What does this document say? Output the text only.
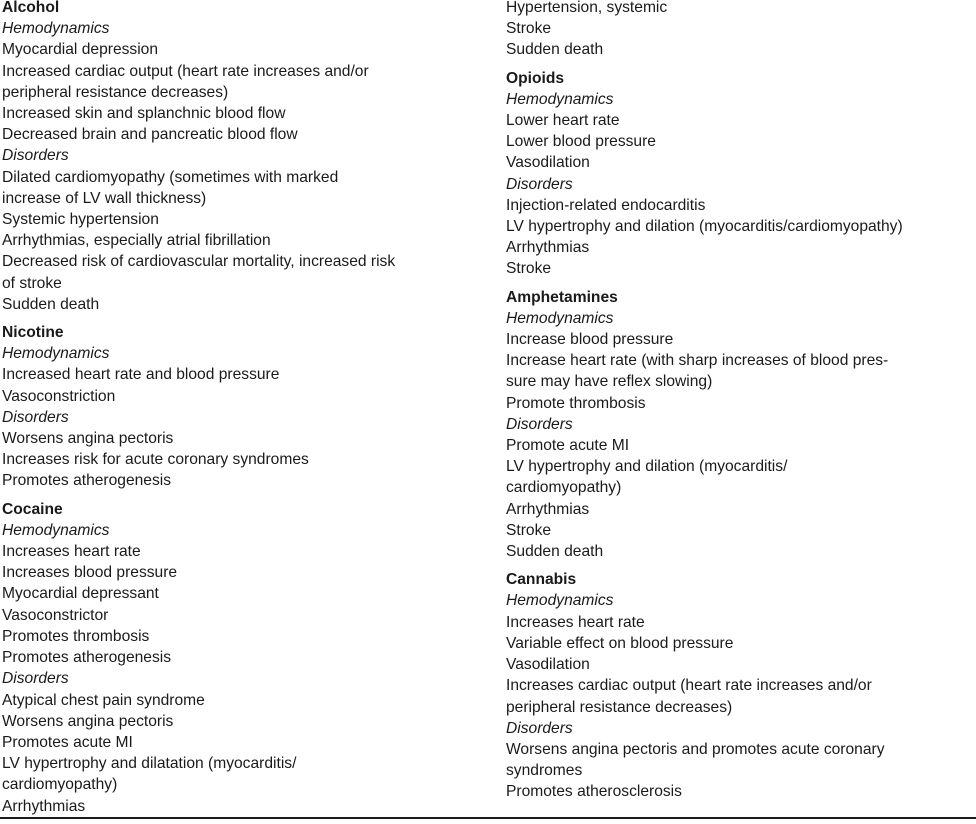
Alcohol
Hemodynamics
Myocardial depression
Increased cardiac output (heart rate increases and/or
peripheral resistance decreases)
Increased skin and splanchnic blood flow
Decreased brain and pancreatic blood flow
Disorders
Dilated cardiomyopathy (sometimes with marked
increase of LV wall thickness)
Systemic hypertension
Arrhythmias, especially atrial fibrillation
Decreased risk of cardiovascular mortality, increased risk
of stroke
Sudden death
Nicotine
Hemodynamics
Increased heart rate and blood pressure
Vasoconstriction
Disorders
Worsens angina pectoris
Increases risk for acute coronary syndromes
Promotes atherogenesis
Cocaine
Hemodynamics
Increases heart rate
Increases blood pressure
Myocardial depressant
Vasoconstrictor
Promotes thrombosis
Promotes atherogenesis
Disorders
Atypical chest pain syndrome
Worsens angina pectoris
Promotes acute MI
LV hypertrophy and dilatation (myocarditis/
cardiomyopathy)
Arrhythmias
Hypertension, systemic
Stroke
Sudden death
Opioids
Hemodynamics
Lower heart rate
Lower blood pressure
Vasodilation
Disorders
Injection-related endocarditis
LV hypertrophy and dilation (myocarditis/cardiomyopathy)
Arrhythmias
Stroke
Amphetamines
Hemodynamics
Increase blood pressure
Increase heart rate (with sharp increases of blood pres-
sure may have reflex slowing)
Promote thrombosis
Disorders
Promote acute MI
LV hypertrophy and dilation (myocarditis/
cardiomyopathy)
Arrhythmias
Stroke
Sudden death
Cannabis
Hemodynamics
Increases heart rate
Variable effect on blood pressure
Vasodilation
Increases cardiac output (heart rate increases and/or
peripheral resistance decreases)
Disorders
Worsens angina pectoris and promotes acute coronary
syndromes
Promotes atherosclerosis
